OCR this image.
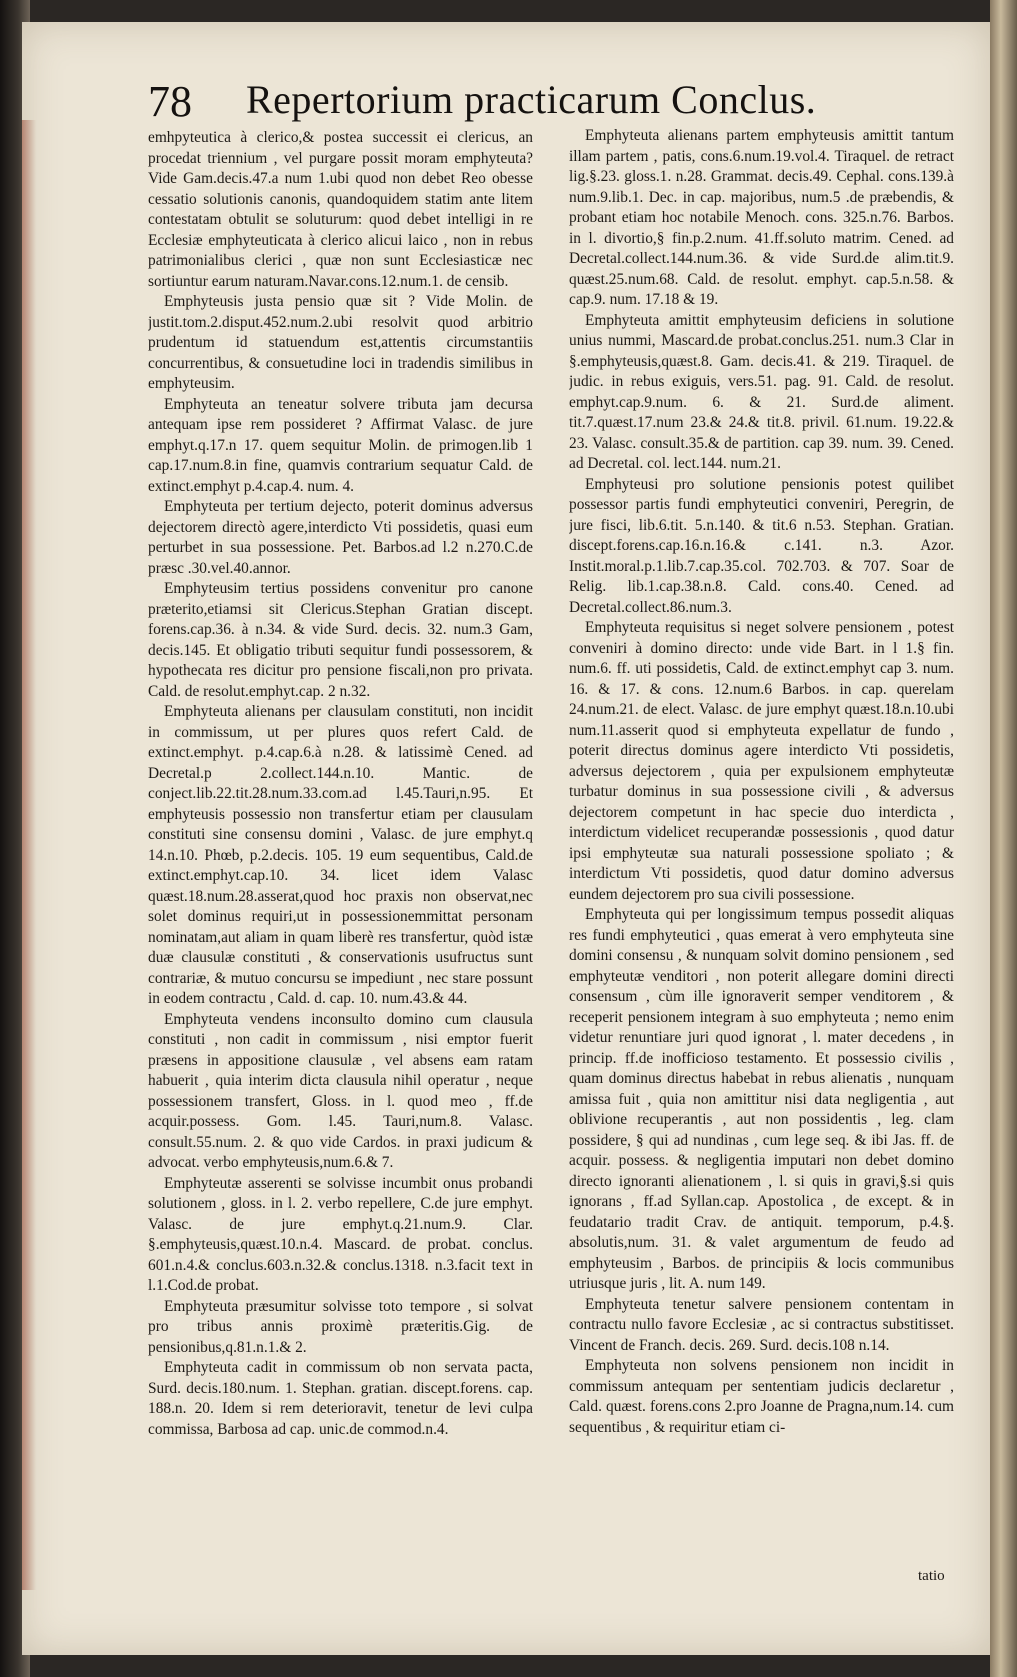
78 Repertorium practicarum Conclus.

emhpyteutica à clerico,& postea successit ei clericus, an procedat triennium , vel purgare possit moram emphyteuta? Vide Gam.decis.47.a num 1.ubi quod non debet Reo obesse cessatio solutionis canonis, quandoquidem statim ante litem contestatam obtulit se soluturum: quod debet intelligi in re Ecclesiæ emphyteuticata à clerico alicui laico , non in rebus patrimonialibus clerici , quæ non sunt Ecclesiasticæ nec sortiuntur earum naturam.Navar.cons.12.num.1. de censib.

Emphyteusis justa pensio quæ sit ? Vide Molin. de justit.tom.2.disput.452.num.2.ubi resolvit quod arbitrio prudentum id statuendum est,attentis circumstantiis concurrentibus, & consuetudine loci in tradendis similibus in emphyteusim.

Emphyteuta an teneatur solvere tributa jam decursa antequam ipse rem possideret ? Affirmat Valasc. de jure emphyt.q.17.n 17. quem sequitur Molin. de primogen.lib 1 cap.17.num.8.in fine, quamvis contrarium sequatur Cald. de extinct.emphyt p.4.cap.4. num. 4.

Emphyteuta per tertium dejecto, poterit dominus adversus dejectorem directò agere,interdicto Vti possidetis, quasi eum perturbet in sua possessione. Pet. Barbos.ad l.2 n.270.C.de præsc .30.vel.40.annor.

Emphyteusim tertius possidens convenitur pro canone præterito,etiamsi sit Clericus.Stephan Gratian discept. forens.cap.36. à n.34. & vide Surd. decis. 32. num.3 Gam, decis.145. Et obligatio tributi sequitur fundi possessorem, & hypothecata res dicitur pro pensione fiscali,non pro privata. Cald. de resolut.emphyt.cap. 2 n.32.

Emphyteuta alienans per clausulam constituti, non incidit in commissum, ut per plures quos refert Cald. de extinct.emphyt. p.4.cap.6.à n.28. & latissimè Cened. ad Decretal.p 2.collect.144.n.10. Mantic. de conject.lib.22.tit.28.num.33.com.ad l.45.Tauri,n.95. Et emphyteusis possessio non transfertur etiam per clausulam constituti sine consensu domini , Valasc. de jure emphyt.q 14.n.10. Phœb, p.2.decis. 105. 19 eum sequentibus, Cald.de extinct.emphyt.cap.10. 34. licet idem Valasc quæst.18.num.28.asserat,quod hoc praxis non observat,nec solet dominus requiri,ut in possessionemmittat personam nominatam,aut aliam in quam liberè res transfertur, quòd istæ duæ clausulæ constituti , & conservationis usufructus sunt contrariæ, & mutuo concursu se impediunt , nec stare possunt in eodem contractu , Cald. d. cap. 10. num.43.& 44.

Emphyteuta vendens inconsulto domino cum clausula constituti , non cadit in commissum , nisi emptor fuerit præsens in appositione clausulæ , vel absens eam ratam habuerit , quia interim dicta clausula nihil operatur , neque possessionem transfert, Gloss. in l. quod meo , ff.de acquir.possess. Gom. l.45. Tauri,num.8. Valasc. consult.55.num. 2. & quo vide Cardos. in praxi judicum & advocat. verbo emphyteusis,num.6.& 7.

Emphyteutæ asserenti se solvisse incumbit onus probandi solutionem , gloss. in l. 2. verbo repellere, C.de jure emphyt. Valasc. de jure emphyt.q.21.num.9. Clar. §.emphyteusis,quæst.10.n.4. Mascard. de probat. conclus. 601.n.4.& conclus.603.n.32.& conclus.1318. n.3.facit text in l.1.Cod.de probat.

Emphyteuta præsumitur solvisse toto tempore , si solvat pro tribus annis proximè præteritis.Gig. de pensionibus,q.81.n.1.& 2.

Emphyteuta cadit in commissum ob non servata pacta, Surd. decis.180.num. 1. Stephan. gratian. discept.forens. cap. 188.n. 20. Idem si rem deterioravit, tenetur de levi culpa commissa, Barbosa ad cap. unic.de commod.n.4.

Emphyteuta alienans partem emphyteusis amittit tantum illam partem , patis, cons.6.num.19.vol.4. Tiraquel. de retract lig.§.23. gloss.1. n.28. Grammat. decis.49. Cephal. cons.139.à num.9.lib.1. Dec. in cap. majoribus, num.5 .de præbendis, & probant etiam hoc notabile Menoch. cons. 325.n.76. Barbos. in l. divortio,§ fin.p.2.num. 41.ff.soluto matrim. Cened. ad Decretal.collect.144.num.36. & vide Surd.de alim.tit.9. quæst.25.num.68. Cald. de resolut. emphyt. cap.5.n.58. & cap.9. num. 17.18 & 19.

Emphyteuta amittit emphyteusim deficiens in solutione unius nummi, Mascard.de probat.conclus.251. num.3 Clar in §.emphyteusis,quæst.8. Gam. decis.41. & 219. Tiraquel. de judic. in rebus exiguis, vers.51. pag. 91. Cald. de resolut. emphyt.cap.9.num. 6. & 21. Surd.de aliment. tit.7.quæst.17.num 23.& 24.& tit.8. privil. 61.num. 19.22.& 23. Valasc. consult.35.& de partition. cap 39. num. 39. Cened. ad Decretal. col. lect.144. num.21.

Emphyteusi pro solutione pensionis potest quilibet possessor partis fundi emphyteutici conveniri, Peregrin, de jure fisci, lib.6.tit. 5.n.140. & tit.6 n.53. Stephan. Gratian. discept.forens.cap.16.n.16.& c.141. n.3. Azor. Instit.moral.p.1.lib.7.cap.35.col. 702.703. & 707. Soar de Relig. lib.1.cap.38.n.8. Cald. cons.40. Cened. ad Decretal.collect.86.num.3.

Emphyteuta requisitus si neget solvere pensionem , potest conveniri à domino directo: unde vide Bart. in l 1.§ fin. num.6. ff. uti possidetis, Cald. de extinct.emphyt cap 3. num. 16. & 17. & cons. 12.num.6 Barbos. in cap. querelam 24.num.21. de elect. Valasc. de jure emphyt quæst.18.n.10.ubi num.11.asserit quod si emphyteuta expellatur de fundo , poterit directus dominus agere interdicto Vti possidetis, adversus dejectorem , quia per expulsionem emphyteutæ turbatur dominus in sua possessione civili , & adversus dejectorem competunt in hac specie duo interdicta , interdictum videlicet recuperandæ possessionis , quod datur ipsi emphyteutæ sua naturali possessione spoliato ; & interdictum Vti possidetis, quod datur domino adversus eundem dejectorem pro sua civili possessione.

Emphyteuta qui per longissimum tempus possedit aliquas res fundi emphyteutici , quas emerat à vero emphyteuta sine domini consensu , & nunquam solvit domino pensionem , sed emphyteutæ venditori , non poterit allegare domini directi consensum , cùm ille ignoraverit semper venditorem , & receperit pensionem integram à suo emphyteuta ; nemo enim videtur renuntiare juri quod ignorat , l. mater decedens , in princip. ff.de inofficioso testamento. Et possessio civilis , quam dominus directus habebat in rebus alienatis , nunquam amissa fuit , quia non amittitur nisi data negligentia , aut oblivione recuperantis , aut non possidentis , leg. clam possidere, § qui ad nundinas , cum lege seq. & ibi Jas. ff. de acquir. possess. & negligentia imputari non debet domino directo ignoranti alienationem , l. si quis in gravi,§.si quis ignorans , ff.ad Syllan.cap. Apostolica , de except. & in feudatario tradit Crav. de antiquit. temporum, p.4.§. absolutis,num. 31. & valet argumentum de feudo ad emphyteusim , Barbos. de principiis & locis communibus utriusque juris , lit. A. num 149.

Emphyteuta tenetur salvere pensionem contentam in contractu nullo favore Ecclesiæ , ac si contractus substitisset. Vincent de Franch. decis. 269. Surd. decis.108 n.14.

Emphyteuta non solvens pensionem non incidit in commissum antequam per sententiam judicis declaretur , Cald. quæst. forens.cons 2.pro Joanne de Pragna,num.14. cum sequentibus , & requiritur etiam ci-

tatio
